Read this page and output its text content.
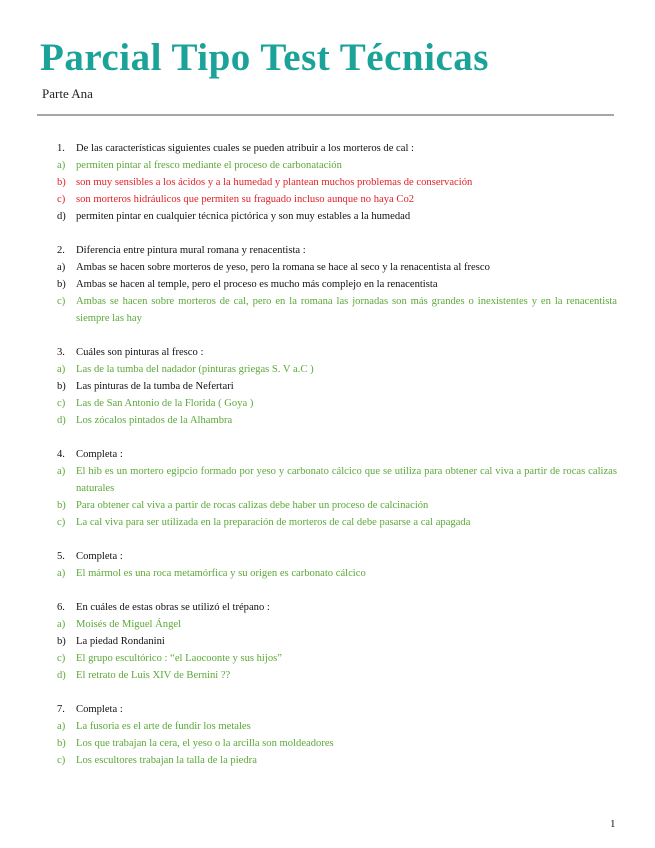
Parcial Tipo Test Técnicas
Parte Ana
1. De las características siguientes cuales se pueden atribuir a los morteros de cal :
a) permiten pintar al fresco mediante el proceso de carbonatación
b) son muy sensibles a los ácidos y a la humedad y plantean muchos problemas de conservación
c) son morteros hidráulicos que permiten su fraguado incluso aunque no haya Co2
d) permiten pintar en cualquier técnica pictórica y son muy estables a la humedad
2. Diferencia entre pintura mural romana y renacentista :
a) Ambas se hacen sobre morteros de yeso, pero la romana se hace al seco y la renacentista al fresco
b) Ambas se hacen al temple, pero el proceso es mucho más complejo en la renacentista
c) Ambas se hacen sobre morteros de cal, pero en la romana las jornadas son más grandes o inexistentes y en la renacentista siempre las hay
3. Cuáles son pinturas al fresco :
a) Las de la tumba del nadador (pinturas griegas S. V a.C )
b) Las pinturas de la tumba de Nefertari
c) Las de San Antonio de la Florida ( Goya )
d) Los zócalos pintados de la Alhambra
4. Completa :
a) El hib es un mortero egipcio formado por yeso y carbonato cálcico que se utiliza para obtener cal viva a partir de rocas calizas naturales
b) Para obtener cal viva a partir de rocas calizas debe haber un proceso de calcinación
c) La cal viva para ser utilizada en la preparación de morteros de cal debe pasarse a cal apagada
5. Completa :
a) El mármol es una roca metamórfica y su origen es carbonato cálcico
6. En cuáles de estas obras se utilizó el trépano :
a) Moisés de Miguel Ángel
b) La piedad Rondanini
c) El grupo escultórico : “el Laocoonte y sus hijos”
d) El retrato de Luis XIV de Bernini ??
7. Completa :
a) La fusoria es el arte de fundir los metales
b) Los que trabajan la cera, el yeso o la arcilla son moldeadores
c) Los escultores trabajan la talla de la piedra
1
